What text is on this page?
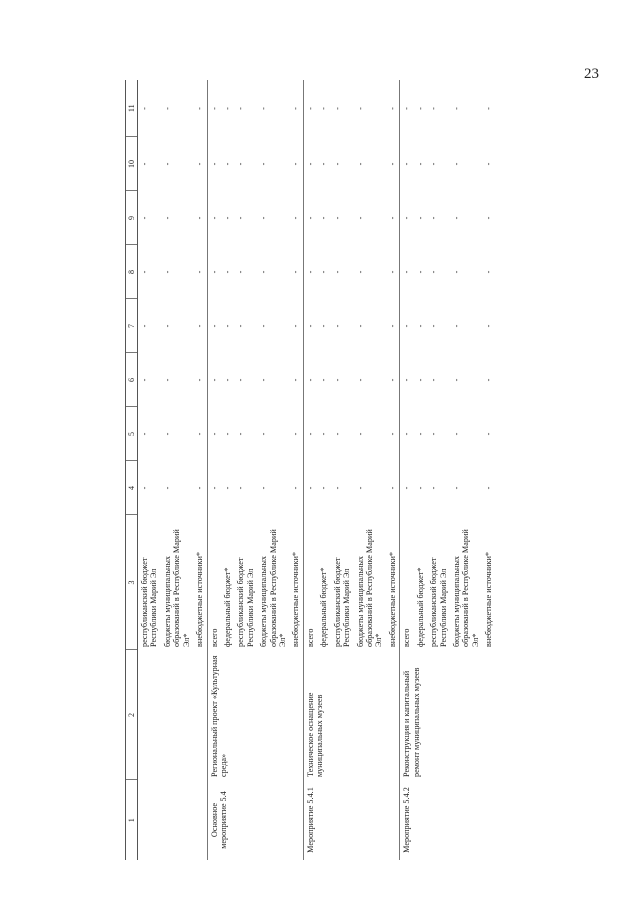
23
1	2	3	4	5	6	7	8	9	10	11
		республиканский бюджет Республики Марий Эл	-	-	-	-	-	-	-	-
		бюджеты муниципальных образований в Республике Марий Эл*	-	-	-	-	-	-	-	-
		внебюджетные источники*	-	-	-	-	-	-	-	-
Основное мероприятие 5.4	Региональный проект «Культурная среда»	всего	-	-	-	-	-	-	-	-
		федеральный бюджет*	-	-	-	-	-	-	-	-
		республиканский бюджет Республики Марий Эл	-	-	-	-	-	-	-	-
		бюджеты муниципальных образований в Республике Марий Эл*	-	-	-	-	-	-	-	-
		внебюджетные источники*	-	-	-	-	-	-	-	-
Мероприятие 5.4.1	Техническое оснащение муниципальных музеев	всего	-	-	-	-	-	-	-	-
		федеральный бюджет*	-	-	-	-	-	-	-	-
		республиканский бюджет Республики Марий Эл	-	-	-	-	-	-	-	-
		бюджеты муниципальных образований в Республике Марий Эл*	-	-	-	-	-	-	-	-
		внебюджетные источники*	-	-	-	-	-	-	-	-
Мероприятие 5.4.2	Реконструкция и капитальный ремонт муниципальных музеев	всего	-	-	-	-	-	-	-	-
		федеральный бюджет*	-	-	-	-	-	-	-	-
		республиканский бюджет Республики Марий Эл	-	-	-	-	-	-	-	-
		бюджеты муниципальных образований в Республике Марий Эл*	-	-	-	-	-	-	-	-
		внебюджетные источники*	-	-	-	-	-	-	-	-
